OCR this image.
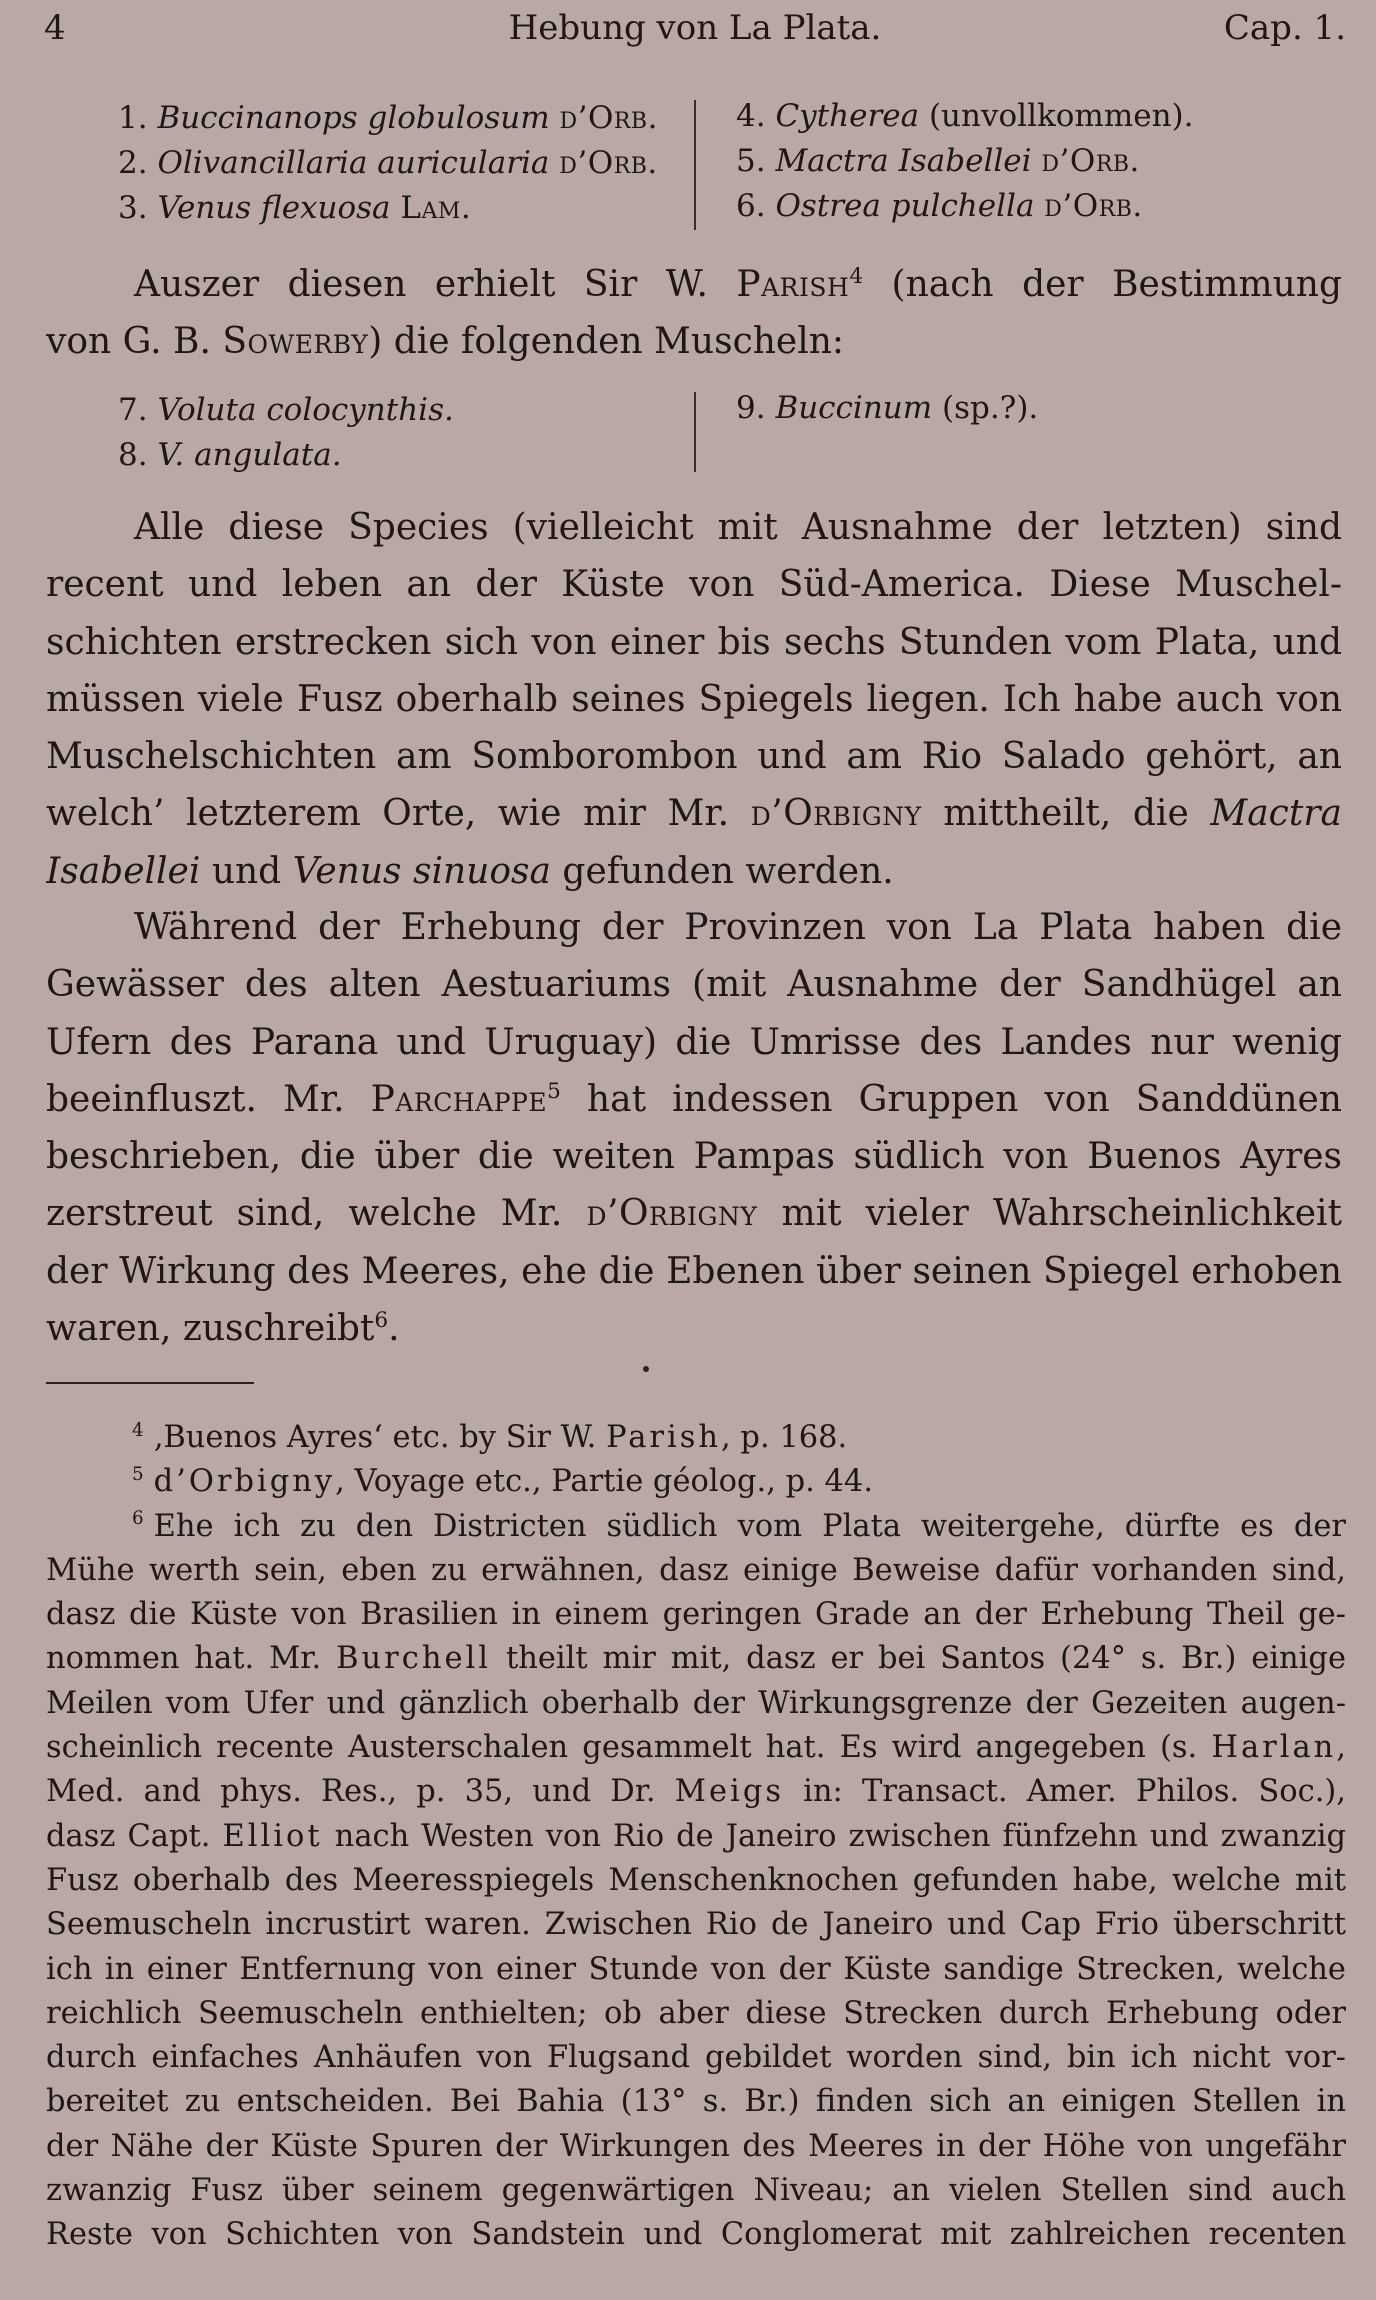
4	Hebung von La Plata.	Cap. 1.
1. Buccinanops globulosum d’Orb.
2. Olivancillaria auricularia d’Orb.
3. Venus flexuosa Lam.
4. Cytherea (unvollkommen).
5. Mactra Isabellei d’Orb.
6. Ostrea pulchella d’Orb.
Auszer diesen erhielt Sir W. Parish$^4$ (nach der Bestimmung
von G. B. Sowerby) die folgenden Muscheln:
7. Voluta colocynthis.
8. V. angulata.
9. Buccinum (sp.?).
Alle diese Species (vielleicht mit Ausnahme der letzten) sind
recent und leben an der Küste von Süd-America. Diese Muschel-
schichten erstrecken sich von einer bis sechs Stunden vom Plata, und
müssen viele Fusz oberhalb seines Spiegels liegen. Ich habe auch von
Muschelschichten am Somborombon und am Rio Salado gehört, an
welch’ letzterem Orte, wie mir Mr. d’Orbigny mittheilt, die Mactra
Isabellei und Venus sinuosa gefunden werden.
Während der Erhebung der Provinzen von La Plata haben die
Gewässer des alten Aestuariums (mit Ausnahme der Sandhügel an
Ufern des Parana und Uruguay) die Umrisse des Landes nur wenig
beeinfluszt. Mr. Parchappe$^5$ hat indessen Gruppen von Sanddünen
beschrieben, die über die weiten Pampas südlich von Buenos Ayres
zerstreut sind, welche Mr. d’Orbigny mit vieler Wahrscheinlichkeit
der Wirkung des Meeres, ehe die Ebenen über seinen Spiegel erhoben
waren, zuschreibt$^6$.
$^4$ ‚Buenos Ayres‘ etc. by Sir W. Parish, p. 168.
$^5$ d’Orbigny, Voyage etc., Partie géolog., p. 44.
$^6$ Ehe ich zu den Districten südlich vom Plata weitergehe, dürfte es der
Mühe werth sein, eben zu erwähnen, dasz einige Beweise dafür vorhanden sind,
dasz die Küste von Brasilien in einem geringen Grade an der Erhebung Theil ge-
nommen hat. Mr. Burchell theilt mir mit, dasz er bei Santos (24° s. Br.) einige
Meilen vom Ufer und gänzlich oberhalb der Wirkungsgrenze der Gezeiten augen-
scheinlich recente Austerschalen gesammelt hat. Es wird angegeben (s. Harlan,
Med. and phys. Res., p. 35, und Dr. Meigs in: Transact. Amer. Philos. Soc.),
dasz Capt. Elliot nach Westen von Rio de Janeiro zwischen fünfzehn und zwanzig
Fusz oberhalb des Meeresspiegels Menschenknochen gefunden habe, welche mit
Seemuscheln incrustirt waren. Zwischen Rio de Janeiro und Cap Frio überschritt
ich in einer Entfernung von einer Stunde von der Küste sandige Strecken, welche
reichlich Seemuscheln enthielten; ob aber diese Strecken durch Erhebung oder
durch einfaches Anhäufen von Flugsand gebildet worden sind, bin ich nicht vor-
bereitet zu entscheiden. Bei Bahia (13° s. Br.) finden sich an einigen Stellen in
der Nähe der Küste Spuren der Wirkungen des Meeres in der Höhe von ungefähr
zwanzig Fusz über seinem gegenwärtigen Niveau; an vielen Stellen sind auch
Reste von Schichten von Sandstein und Conglomerat mit zahlreichen recenten
